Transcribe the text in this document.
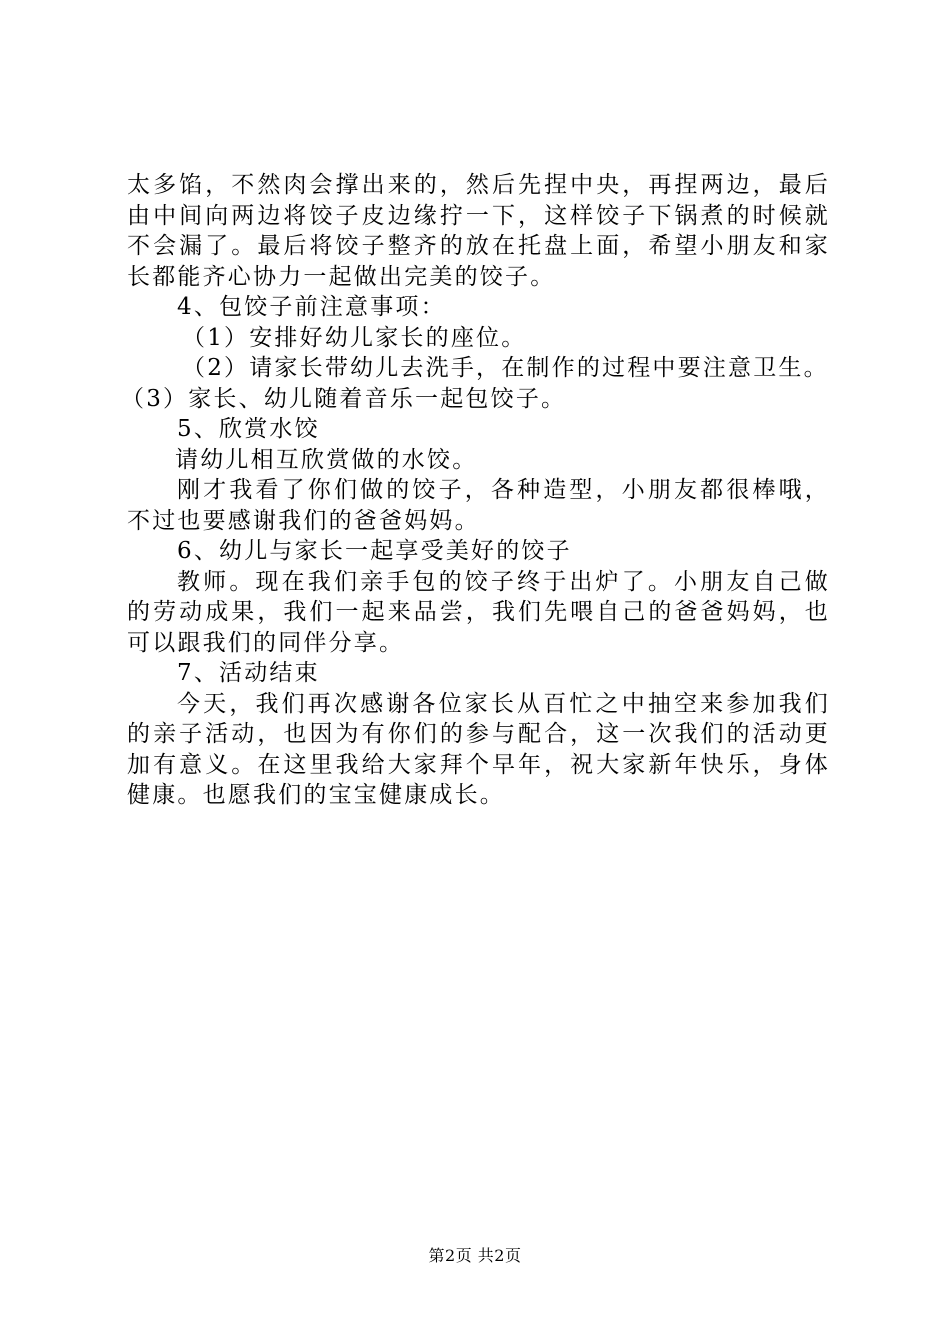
太多馅，不然肉会撑出来的，然后先捏中央，再捏两边，最后由中间向两边将饺子皮边缘拧一下，这样饺子下锅煮的时候就不会漏了。最后将饺子整齐的放在托盘上面，希望小朋友和家长都能齐心协力一起做出完美的饺子。

4、包饺子前注意事项：

（1）安排好幼儿家长的座位。

（2）请家长带幼儿去洗手，在制作的过程中要注意卫生。

（3）家长、幼儿随着音乐一起包饺子。

5、欣赏水饺

请幼儿相互欣赏做的水饺。

刚才我看了你们做的饺子，各种造型，小朋友都很棒哦，不过也要感谢我们的爸爸妈妈。

6、幼儿与家长一起享受美好的饺子

教师。现在我们亲手包的饺子终于出炉了。小朋友自己做的劳动成果，我们一起来品尝，我们先喂自己的爸爸妈妈，也可以跟我们的同伴分享。

7、活动结束

今天，我们再次感谢各位家长从百忙之中抽空来参加我们的亲子活动，也因为有你们的参与配合，这一次我们的活动更加有意义。在这里我给大家拜个早年，祝大家新年快乐，身体健康。也愿我们的宝宝健康成长。

第2页 共2页
